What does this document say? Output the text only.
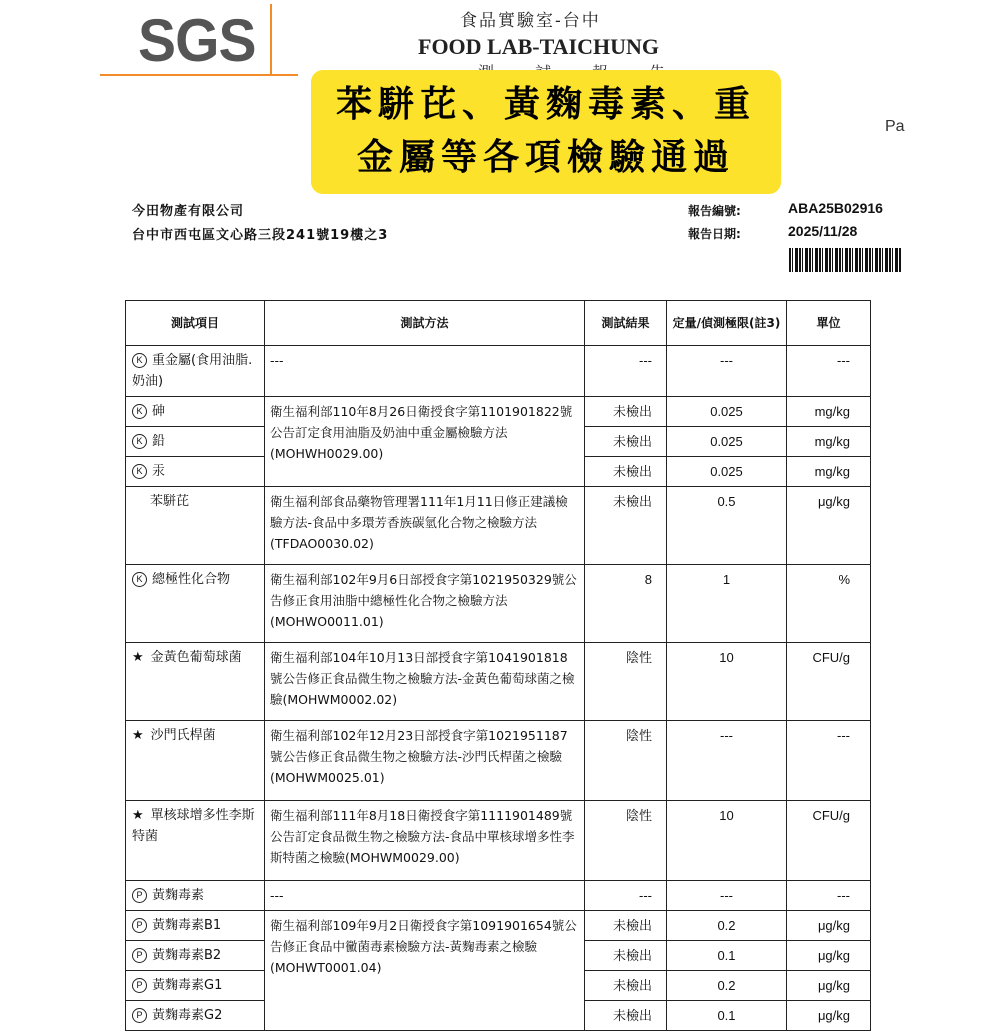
SGS	食品實驗室-台中
FOOD LAB-TAICHUNG
Pa
苯駢芘、黃麴毒素、重
金屬等各項檢驗通過
今田物產有限公司
台中市西屯區文心路三段241號19樓之3
報告編號:	ABA25B02916
報告日期:	2025/11/28
測試項目	測試方法	測試結果	定量/偵測極限(註3)	單位
K 重金屬(食用油脂.奶油)	---	---	---	---
K 砷	衛生福利部110年8月26日衛授食字第1101901822號公告訂定食用油脂及奶油中重金屬檢驗方法(MOHWH0029.00)	未檢出	0.025	mg/kg
K 鉛		未檢出	0.025	mg/kg
K 汞		未檢出	0.025	mg/kg
苯駢芘	衛生福利部食品藥物管理署111年1月11日修正建議檢驗方法-食品中多環芳香族碳氫化合物之檢驗方法(TFDAO0030.02)	未檢出	0.5	μg/kg
K 總極性化合物	衛生福利部102年9月6日部授食字第1021950329號公告修正食用油脂中總極性化合物之檢驗方法(MOHWO0011.01)	8	1	%
★ 金黃色葡萄球菌	衛生福利部104年10月13日部授食字第1041901818號公告修正食品微生物之檢驗方法-金黃色葡萄球菌之檢驗(MOHWM0002.02)	陰性	10	CFU/g
★ 沙門氏桿菌	衛生福利部102年12月23日部授食字第1021951187號公告修正食品微生物之檢驗方法-沙門氏桿菌之檢驗(MOHWM0025.01)	陰性	---	---
★ 單核球增多性李斯特菌	衛生福利部111年8月18日衛授食字第1111901489號公告訂定食品微生物之檢驗方法-食品中單核球增多性李斯特菌之檢驗(MOHWM0029.00)	陰性	10	CFU/g
P 黃麴毒素	---	---	---	---
P 黃麴毒素B1	衛生福利部109年9月2日衛授食字第1091901654號公告修正食品中黴菌毒素檢驗方法-黃麴毒素之檢驗(MOHWT0001.04)	未檢出	0.2	μg/kg
P 黃麴毒素B2		未檢出	0.1	μg/kg
P 黃麴毒素G1		未檢出	0.2	μg/kg
P 黃麴毒素G2		未檢出	0.1	μg/kg
